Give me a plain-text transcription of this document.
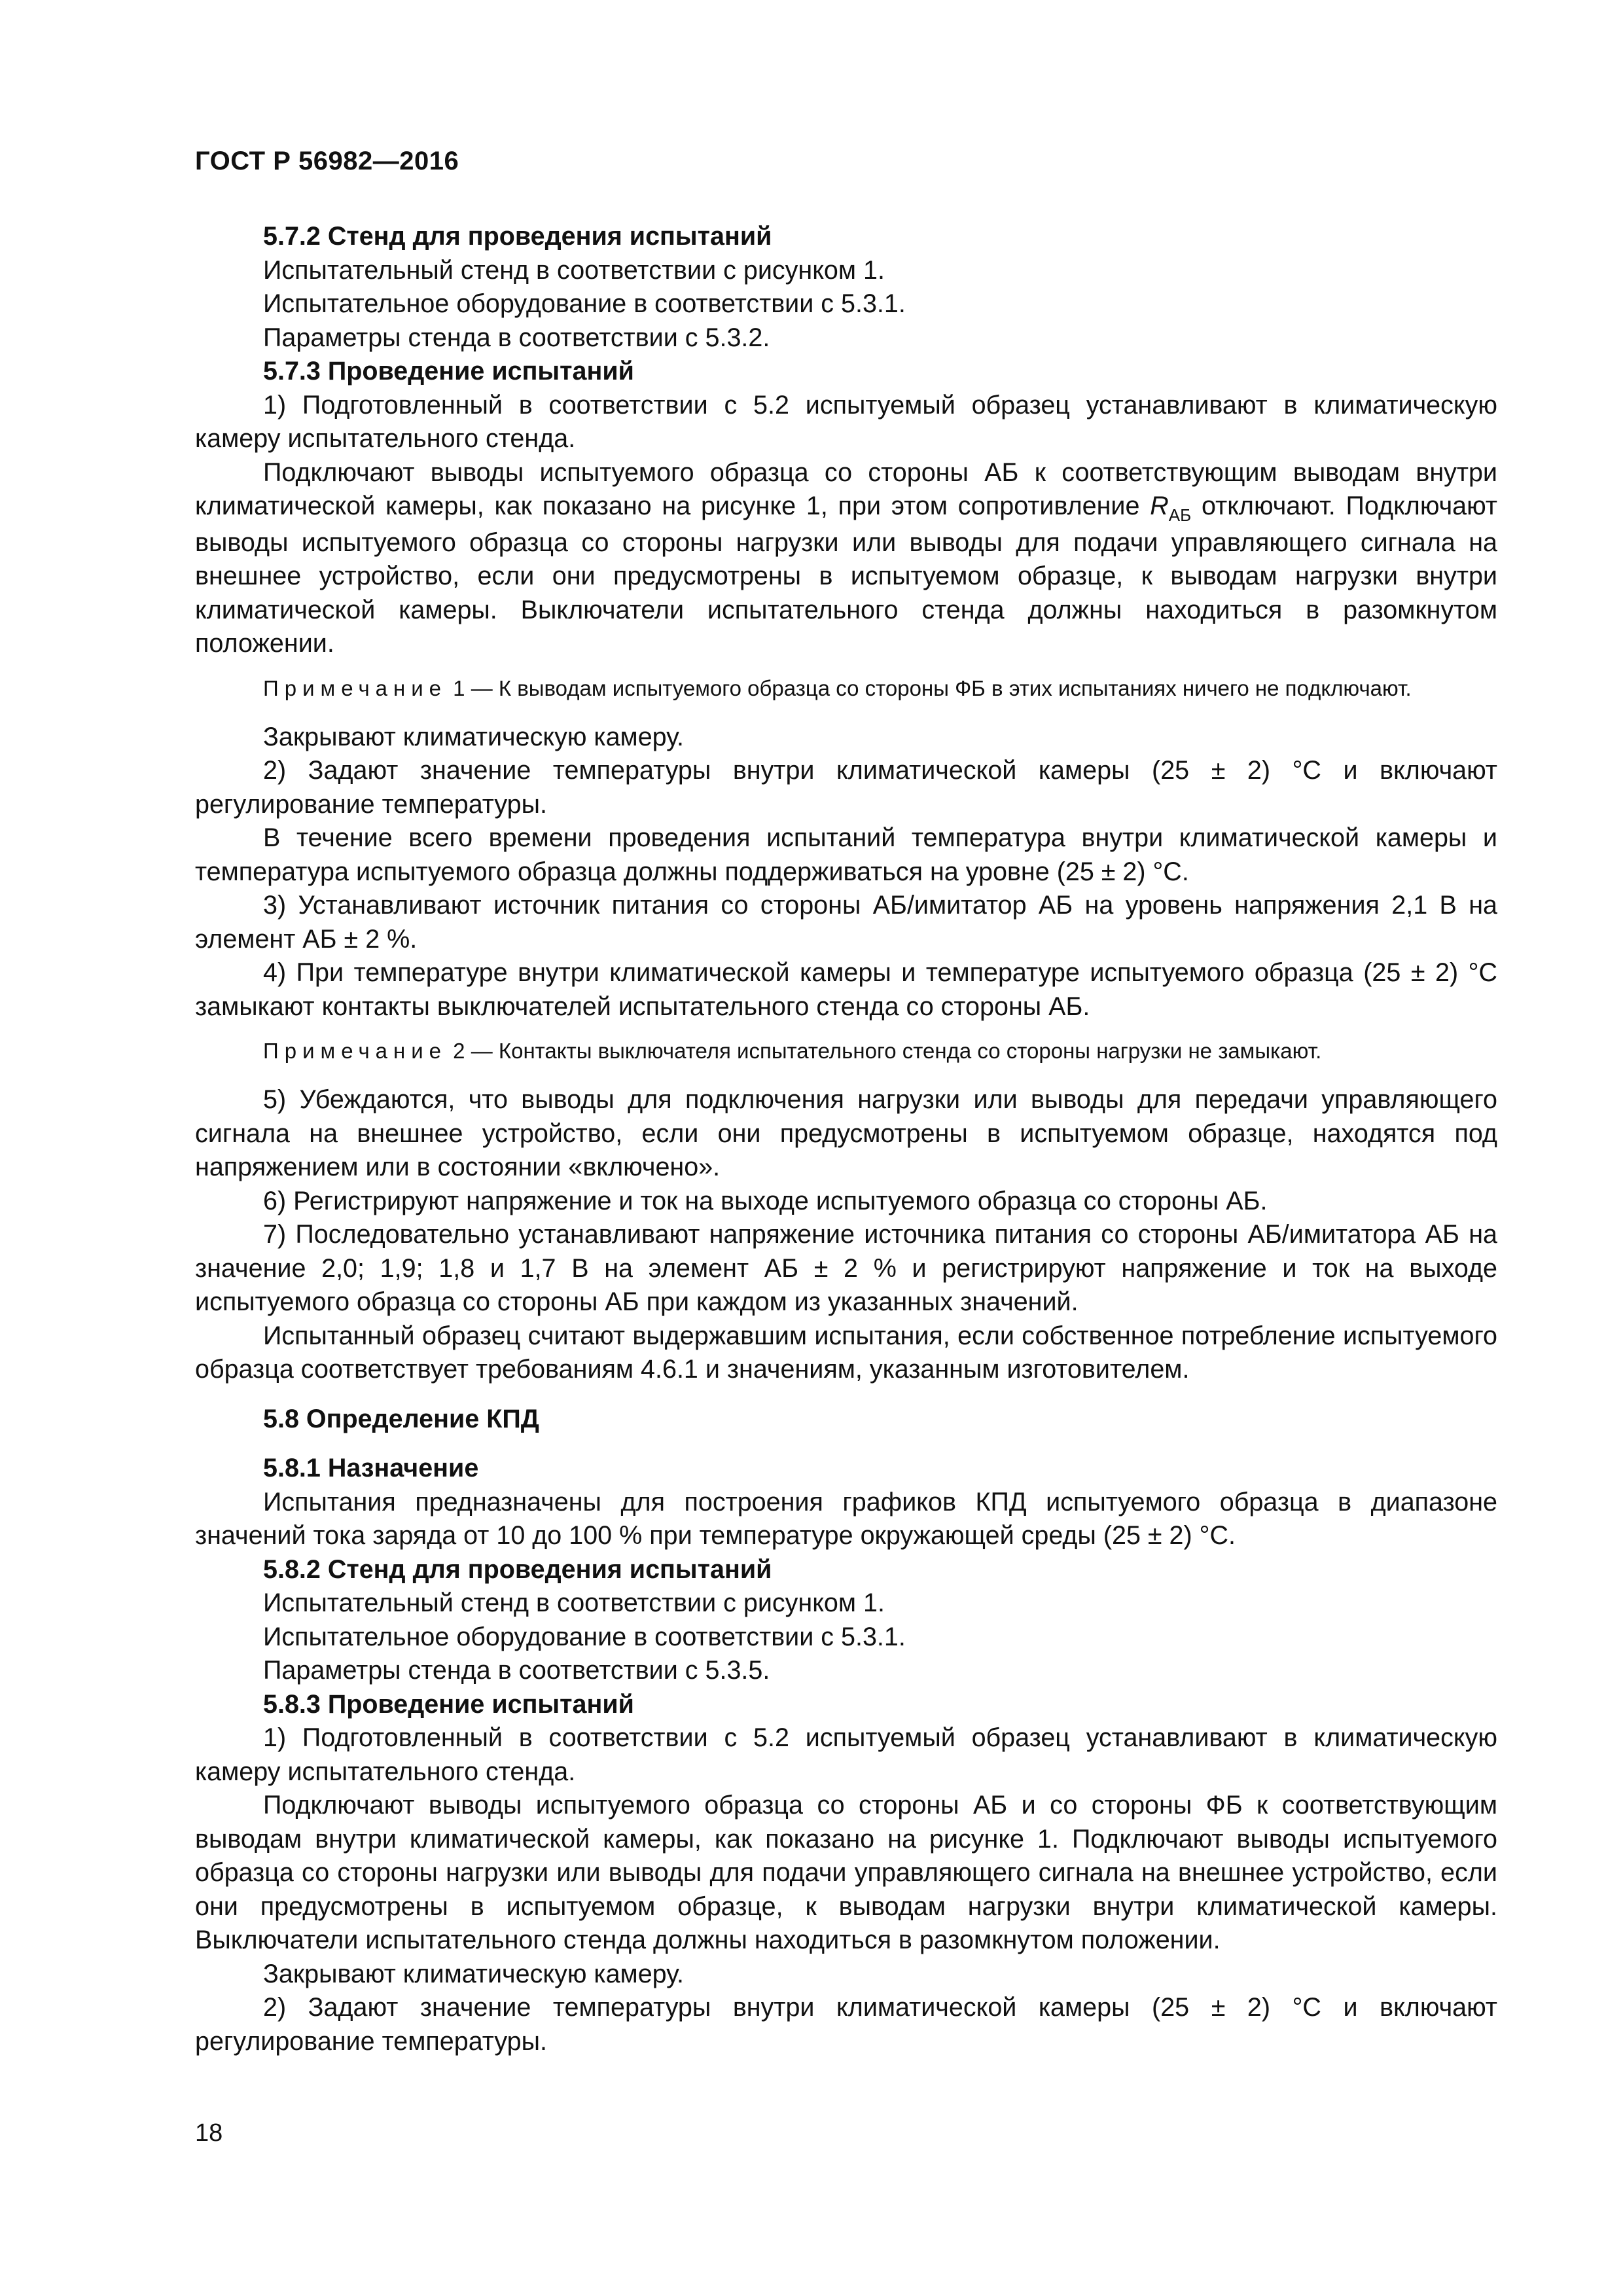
ГОСТ Р 56982—2016

5.7.2 Стенд для проведения испытаний

Испытательный стенд в соответствии с рисунком 1.

Испытательное оборудование в соответствии с 5.3.1.

Параметры стенда в соответствии с 5.3.2.

5.7.3 Проведение испытаний

1) Подготовленный в соответствии с 5.2 испытуемый образец устанавливают в климатическую камеру испытательного стенда.

Подключают выводы испытуемого образца со стороны АБ к соответствующим выводам внутри климатической камеры, как показано на рисунке 1, при этом сопротивление $R_{АБ}$ отключают. Подключают выводы испытуемого образца со стороны нагрузки или выводы для подачи управляющего сигнала на внешнее устройство, если они предусмотрены в испытуемом образце, к выводам нагрузки внутри климатической камеры. Выключатели испытательного стенда должны находиться в разомкнутом положении.

Примечание 1 — К выводам испытуемого образца со стороны ФБ в этих испытаниях ничего не подключают.

Закрывают климатическую камеру.

2) Задают значение температуры внутри климатической камеры (25 ± 2) °С и включают регулирование температуры.

В течение всего времени проведения испытаний температура внутри климатической камеры и температура испытуемого образца должны поддерживаться на уровне (25 ± 2) °С.

3) Устанавливают источник питания со стороны АБ/имитатор АБ на уровень напряжения 2,1 В на элемент АБ ± 2 %.

4) При температуре внутри климатической камеры и температуре испытуемого образца (25 ± 2) °С замыкают контакты выключателей испытательного стенда со стороны АБ.

Примечание 2 — Контакты выключателя испытательного стенда со стороны нагрузки не замыкают.

5) Убеждаются, что выводы для подключения нагрузки или выводы для передачи управляющего сигнала на внешнее устройство, если они предусмотрены в испытуемом образце, находятся под напряжением или в состоянии «включено».

6) Регистрируют напряжение и ток на выходе испытуемого образца со стороны АБ.

7) Последовательно устанавливают напряжение источника питания со стороны АБ/имитатора АБ на значение 2,0; 1,9; 1,8 и 1,7 В на элемент АБ ± 2 % и регистрируют напряжение и ток на выходе испытуемого образца со стороны АБ при каждом из указанных значений.

Испытанный образец считают выдержавшим испытания, если собственное потребление испытуемого образца соответствует требованиям 4.6.1 и значениям, указанным изготовителем.

5.8 Определение КПД

5.8.1 Назначение

Испытания предназначены для построения графиков КПД испытуемого образца в диапазоне значений тока заряда от 10 до 100 % при температуре окружающей среды (25 ± 2) °С.

5.8.2 Стенд для проведения испытаний

Испытательный стенд в соответствии с рисунком 1.

Испытательное оборудование в соответствии с 5.3.1.

Параметры стенда в соответствии с 5.3.5.

5.8.3 Проведение испытаний

1) Подготовленный в соответствии с 5.2 испытуемый образец устанавливают в климатическую камеру испытательного стенда.

Подключают выводы испытуемого образца со стороны АБ и со стороны ФБ к соответствующим выводам внутри климатической камеры, как показано на рисунке 1. Подключают выводы испытуемого образца со стороны нагрузки или выводы для подачи управляющего сигнала на внешнее устройство, если они предусмотрены в испытуемом образце, к выводам нагрузки внутри климатической камеры. Выключатели испытательного стенда должны находиться в разомкнутом положении.

Закрывают климатическую камеру.

2) Задают значение температуры внутри климатической камеры (25 ± 2) °С и включают регулирование температуры.

18
